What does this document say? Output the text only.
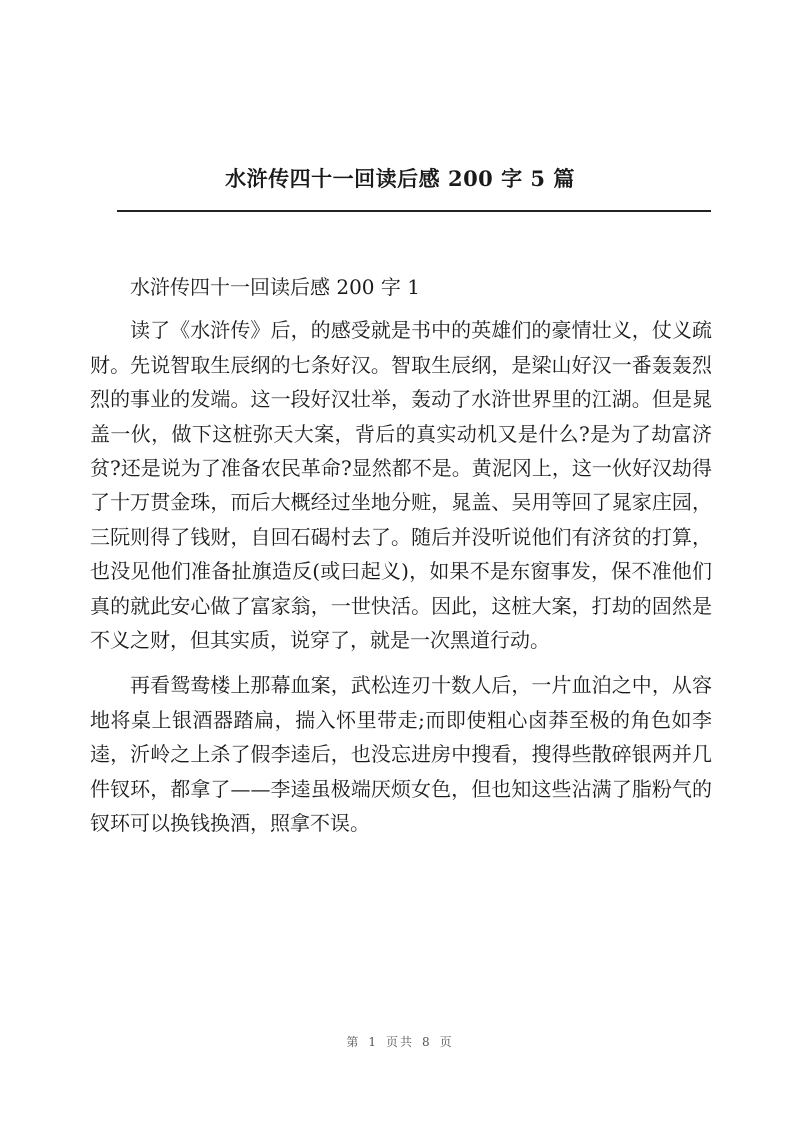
水浒传四十一回读后感 200 字 5 篇

水浒传四十一回读后感 200 字 1

读了《水浒传》后，的感受就是书中的英雄们的豪情壮义，仗义疏财。先说智取生辰纲的七条好汉。智取生辰纲，是梁山好汉一番轰轰烈烈的事业的发端。这一段好汉壮举，轰动了水浒世界里的江湖。但是晁盖一伙，做下这桩弥天大案，背后的真实动机又是什么?是为了劫富济贫?还是说为了准备农民革命?显然都不是。黄泥冈上，这一伙好汉劫得了十万贯金珠，而后大概经过坐地分赃，晁盖、吴用等回了晁家庄园，三阮则得了钱财，自回石碣村去了。随后并没听说他们有济贫的打算，也没见他们准备扯旗造反(或曰起义)，如果不是东窗事发，保不准他们真的就此安心做了富家翁，一世快活。因此，这桩大案，打劫的固然是不义之财，但其实质，说穿了，就是一次黑道行动。

再看鸳鸯楼上那幕血案，武松连刃十数人后，一片血泊之中，从容地将桌上银酒器踏扁，揣入怀里带走;而即使粗心卤莽至极的角色如李逵，沂岭之上杀了假李逵后，也没忘进房中搜看，搜得些散碎银两并几件钗环，都拿了——李逵虽极端厌烦女色，但也知这些沾满了脂粉气的钗环可以换钱换酒，照拿不误。

第 1 页共 8 页
